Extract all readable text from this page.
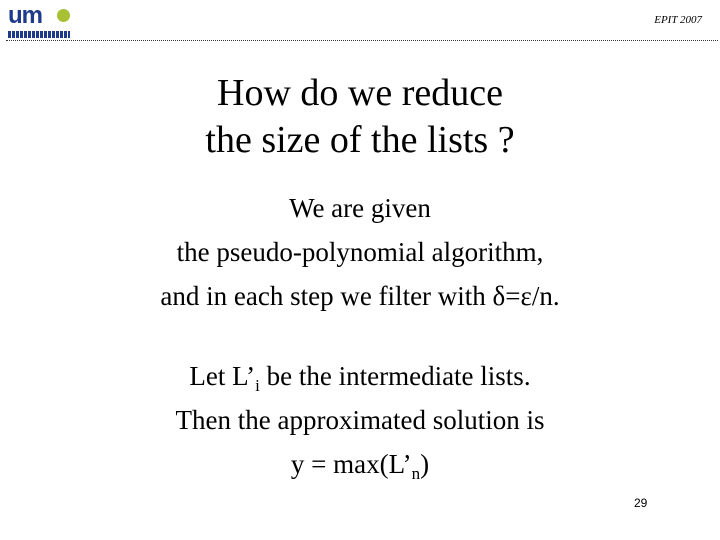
um	EPIT 2007
How do we reduce
the size of the lists ?
We are given
the pseudo-polynomial algorithm,
and in each step we filter with δ=ε/n.
Let $L’_i$ be the intermediate lists.
Then the approximated solution is
$y = \max(L’_n)$
29
